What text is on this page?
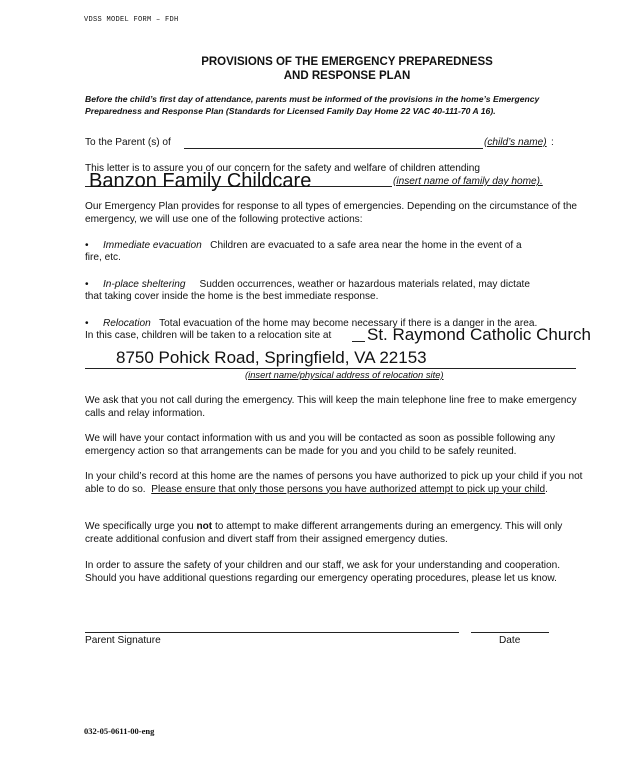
VDSS MODEL FORM – FDH
PROVISIONS OF THE EMERGENCY PREPAREDNESS
AND RESPONSE PLAN
Before the child’s first day of attendance, parents must be informed of the provisions in the home’s Emergency Preparedness and Response Plan (Standards for Licensed Family Day Home 22 VAC 40-111-70 A 16).
To the Parent (s) of	(child’s name) :
This letter is to assure you of our concern for the safety and welfare of children attending
Banzon Family Childcare	(insert name of family day home).
Our Emergency Plan provides for response to all types of emergencies. Depending on the circumstance of the emergency, we will use one of the following protective actions:
• Immediate evacuation Children are evacuated to a safe area near the home in the event of a
fire, etc.
• In-place sheltering Sudden occurrences, weather or hazardous materials related, may dictate
that taking cover inside the home is the best immediate response.
• Relocation Total evacuation of the home may become necessary if there is a danger in the area.
In this case, children will be taken to a relocation site at St. Raymond Catholic Church
8750 Pohick Road, Springfield, VA 22153
(insert name/physical address of relocation site)
We ask that you not call during the emergency. This will keep the main telephone line free to make emergency calls and relay information.
We will have your contact information with us and you will be contacted as soon as possible following any emergency action so that arrangements can be made for you and you child to be safely reunited.
In your child’s record at this home are the names of persons you have authorized to pick up your child if you not able to do so. Please ensure that only those persons you have authorized attempt to pick up your child.
We specifically urge you not to attempt to make different arrangements during an emergency. This will only create additional confusion and divert staff from their assigned emergency duties.
In order to assure the safety of your children and our staff, we ask for your understanding and cooperation. Should you have additional questions regarding our emergency operating procedures, please let us know.
Parent Signature	Date
032-05-0611-00-eng
